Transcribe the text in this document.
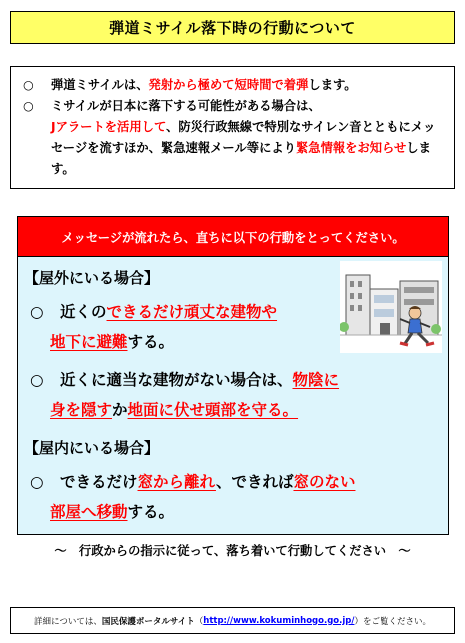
弾道ミサイル落下時の行動について

○ 弾道ミサイルは、発射から極めて短時間で着弾します。

○ ミサイルが日本に落下する可能性がある場合は、
Jアラートを活用して、防災行政無線で特別なサイレン音とともにメッセージを流すほか、緊急速報メール等により緊急情報をお知らせします。

メッセージが流れたら、直ちに以下の行動をとってください。
【屋外にいる場合】
○ 近くのできるだけ頑丈な建物や
地下に避難する。
○ 近くに適当な建物がない場合は、物陰に
身を隠すか地面に伏せ頭部を守る。
【屋内にいる場合】
○ できるだけ窓から離れ、できれば窓のない
部屋へ移動する。
～　行政からの指示に従って、落ち着いて行動してください　～
詳細については、 国民保護ポータルサイト （ http://www.kokuminhogo.go.jp/ ）をご覧ください。
